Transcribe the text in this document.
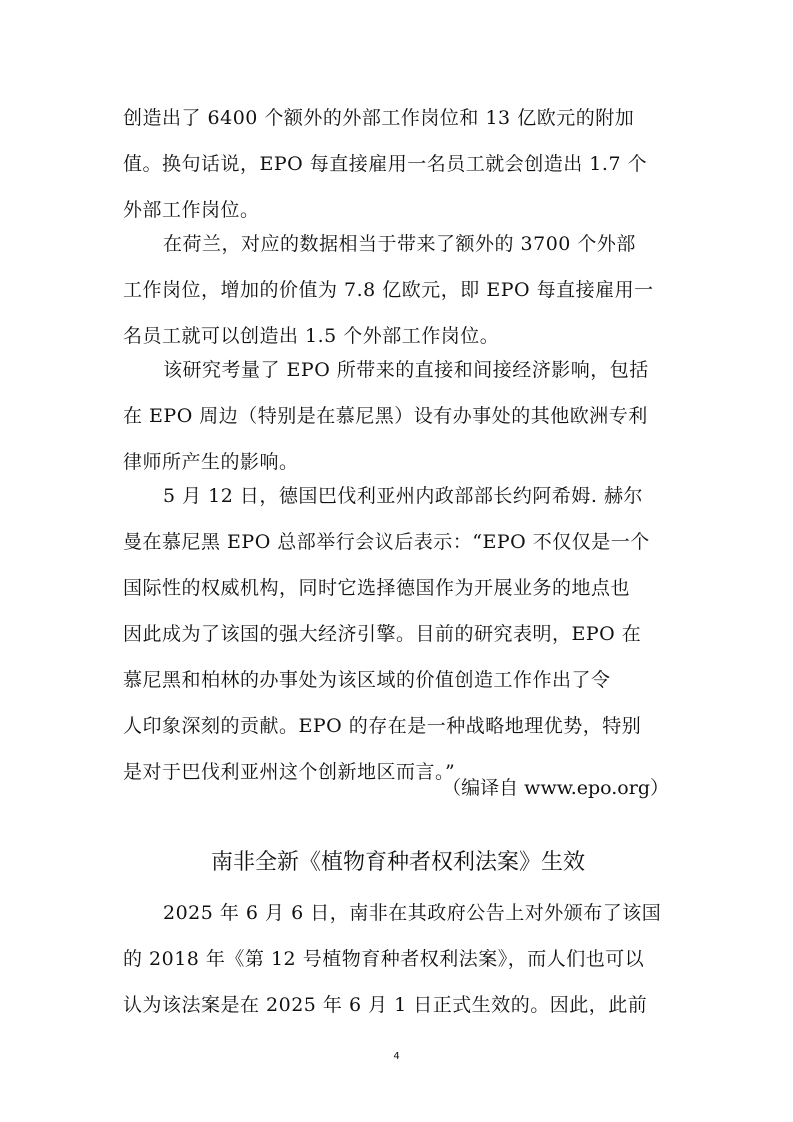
创造出了 6400 个额外的外部工作岗位和 13 亿欧元的附加
值。换句话说，EPO 每直接雇用一名员工就会创造出 1.7 个
外部工作岗位。
在荷兰，对应的数据相当于带来了额外的 3700 个外部
工作岗位，增加的价值为 7.8 亿欧元，即 EPO 每直接雇用一
名员工就可以创造出 1.5 个外部工作岗位。
该研究考量了 EPO 所带来的直接和间接经济影响，包括
在 EPO 周边（特别是在慕尼黑）设有办事处的其他欧洲专利
律师所产生的影响。
5 月 12 日，德国巴伐利亚州内政部部长约阿希姆. 赫尔
曼在慕尼黑 EPO 总部举行会议后表示：“EPO 不仅仅是一个
国际性的权威机构，同时它选择德国作为开展业务的地点也
因此成为了该国的强大经济引擎。目前的研究表明，EPO 在
慕尼黑和柏林的办事处为该区域的价值创造工作作出了令
人印象深刻的贡献。EPO 的存在是一种战略地理优势，特别
是对于巴伐利亚州这个创新地区而言。”
（编译自 www.epo.org）
南非全新《植物育种者权利法案》生效
2025 年 6 月 6 日，南非在其政府公告上对外颁布了该国
的 2018 年《第 12 号植物育种者权利法案》，而人们也可以
认为该法案是在 2025 年 6 月 1 日正式生效的。因此，此前
4
